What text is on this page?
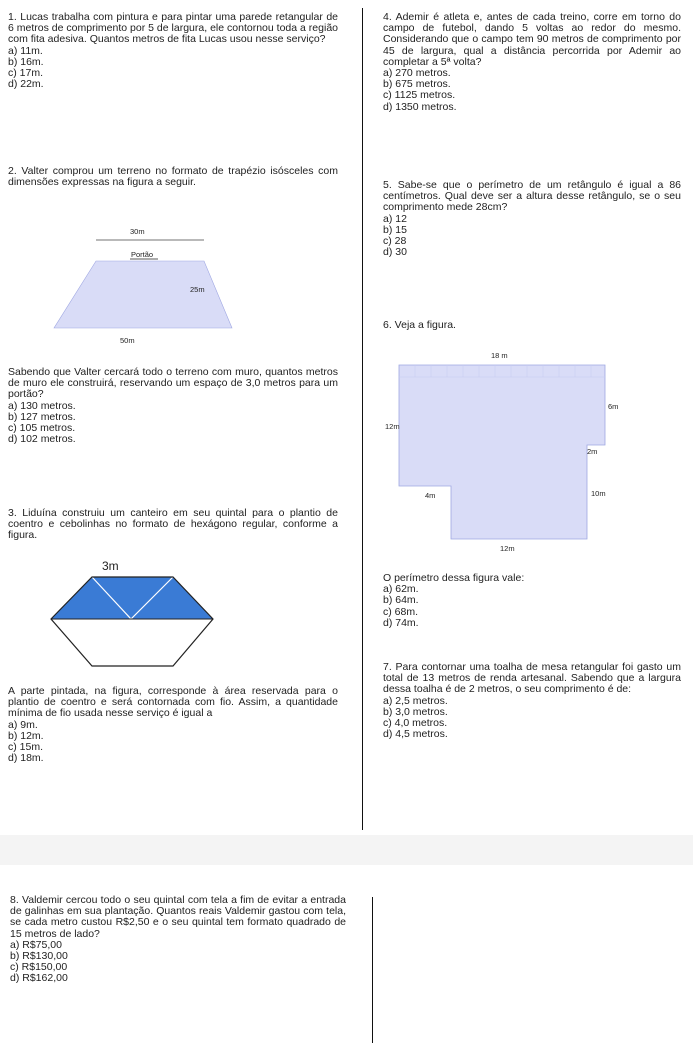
1. Lucas trabalha com pintura e para pintar uma parede retangular de 6 metros de comprimento por 5 de largura, ele contornou toda a região com fita adesiva. Quantos metros de fita Lucas usou nesse serviço?

a) 11m.

b) 16m.

c) 17m.

d) 22m.

2. Valter comprou um terreno no formato de trapézio isósceles com dimensões expressas na figura a seguir.

30m
Portão
25m
50m

Sabendo que Valter cercará todo o terreno com muro, quantos metros de muro ele construirá, reservando um espaço de 3,0 metros para um portão?

a) 130 metros.

b) 127 metros.

c) 105 metros.

d) 102 metros.

3. Liduína construiu um canteiro em seu quintal para o plantio de coentro e cebolinhas no formato de hexágono regular, conforme a figura.

3m

A parte pintada, na figura, corresponde à área reservada para o plantio de coentro e será contornada com fio. Assim, a quantidade mínima de fio usada nesse serviço é igual a

a) 9m.

b) 12m.

c) 15m.

d) 18m.

4. Ademir é atleta e, antes de cada treino, corre em torno do campo de futebol, dando 5 voltas ao redor do mesmo. Considerando que o campo tem 90 metros de comprimento por 45 de largura, qual a distância percorrida por Ademir ao completar a 5ª volta?

a) 270 metros.

b) 675 metros.

c) 1125 metros.

d) 1350 metros.

5. Sabe-se que o perímetro de um retângulo é igual a 86 centímetros. Qual deve ser a altura desse retângulo, se o seu comprimento mede 28cm?

a) 12

b) 15

c) 28

d) 30

6. Veja a figura.

18 m
12m
6m
2m
4m	10m
12m

O perímetro dessa figura vale:

a) 62m.

b) 64m.

c) 68m.

d) 74m.

7. Para contornar uma toalha de mesa retangular foi gasto um total de 13 metros de renda artesanal. Sabendo que a largura dessa toalha é de 2 metros, o seu comprimento é de:

a) 2,5 metros.

b) 3,0 metros.

c) 4,0 metros.

d) 4,5 metros.

8. Valdemir cercou todo o seu quintal com tela a fim de evitar a entrada de galinhas em sua plantação. Quantos reais Valdemir gastou com tela, se cada metro custou R$2,50 e o seu quintal tem formato quadrado de 15 metros de lado?

a) R$75,00

b) R$130,00

c) R$150,00

d) R$162,00
